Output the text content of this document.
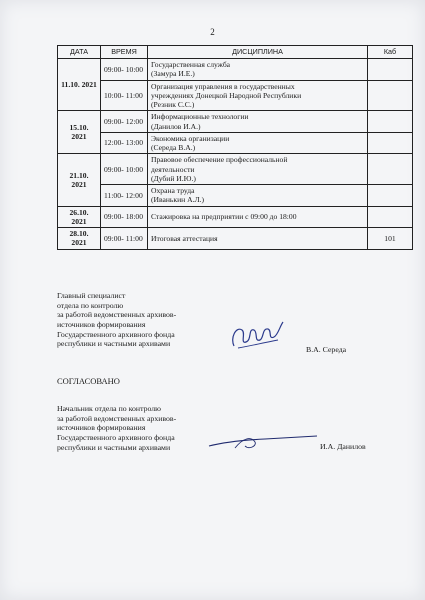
2
ДАТА	ВРЕМЯ	ДИСЦИПЛИНА	Каб
11.10. 2021	09:00- 10:00	Государственная служба
(Замура И.Е.)	

	10:00- 11:00	Организация управления в государственных
учреждениях Донецкой Народной Республики
(Резник С.С.)	

15.10. 2021	09:00- 12:00	Информационные технологии
(Данилов И.А.)	

	12:00- 13:00	Экономика организации
(Середа В.А.)	

21.10. 2021	09:00- 10:00	Правовое обеспечение профессиональной
деятельности
(Дубий И.Ю.)	

	11:00- 12:00	Охрана труда
(Иванькин А.Л.)	

26.10. 2021	09:00- 18:00	Стажировка на предприятии с 09:00 до 18:00	

28.10. 2021	09:00- 11:00	Итоговая аттестация	101
Главный специалист
отдела по контролю
за работой ведомственных архивов-
источников формирования
Государственного архивного фонда
республики и частными архивами
В.А. Середа
СОГЛАСОВАНО
Начальник отдела по контролю
за работой ведомственных архивов-
источников формирования
Государственного архивного фонда
республики и частными архивами	И.А. Данилов
